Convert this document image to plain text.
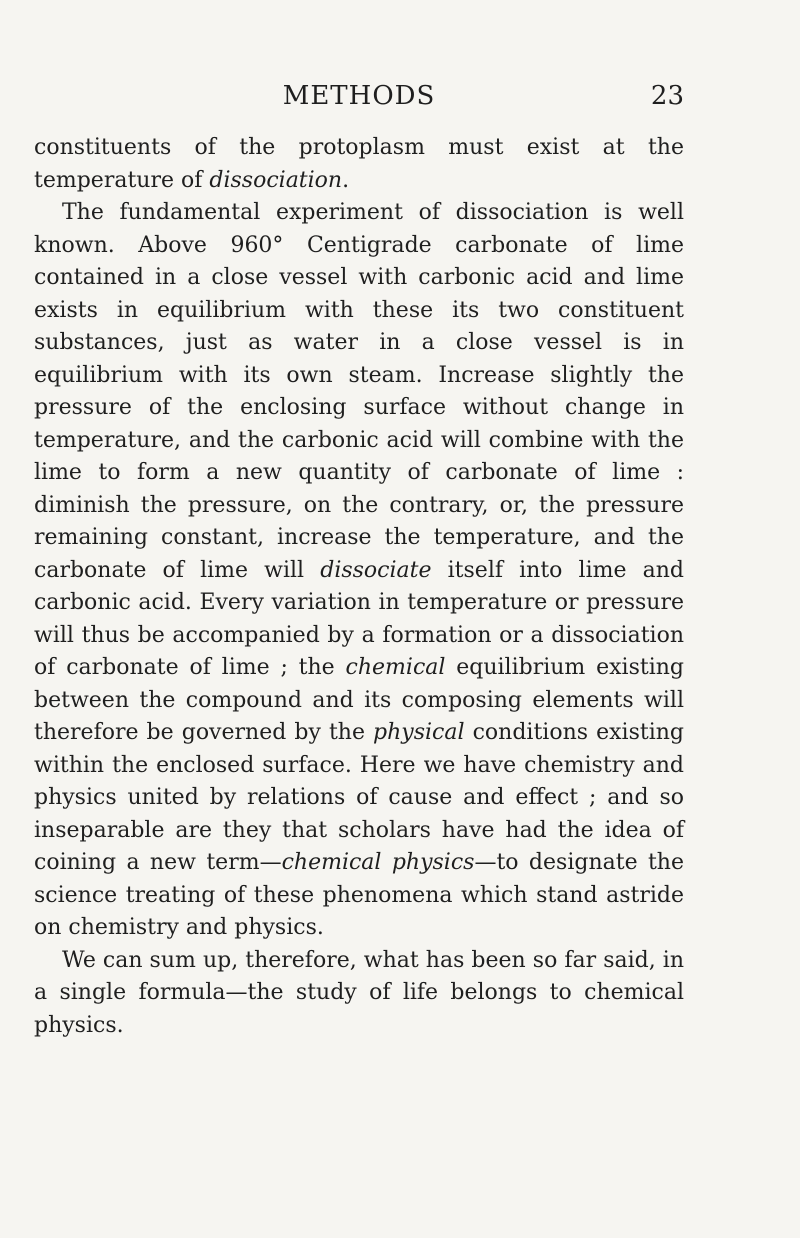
METHODS	23

constituents of the protoplasm must exist at the temperature of dissociation.

The fundamental experiment of dissociation is well known. Above 960° Centigrade carbonate of lime contained in a close vessel with carbonic acid and lime exists in equilibrium with these its two constituent substances, just as water in a close vessel is in equilibrium with its own steam. Increase slightly the pressure of the enclosing surface without change in temperature, and the carbonic acid will combine with the lime to form a new quantity of carbonate of lime : diminish the pressure, on the contrary, or, the pressure remaining constant, increase the temperature, and the carbonate of lime will dissociate itself into lime and carbonic acid. Every variation in temperature or pressure will thus be accompanied by a formation or a dissociation of carbonate of lime ; the chemical equilibrium existing between the compound and its composing elements will therefore be governed by the physical conditions existing within the enclosed surface. Here we have chemistry and physics united by relations of cause and effect ; and so inseparable are they that scholars have had the idea of coining a new term—chemical physics—to designate the science treating of these phenomena which stand astride on chemistry and physics.

We can sum up, therefore, what has been so far said, in a single formula—the study of life belongs to chemical physics.
